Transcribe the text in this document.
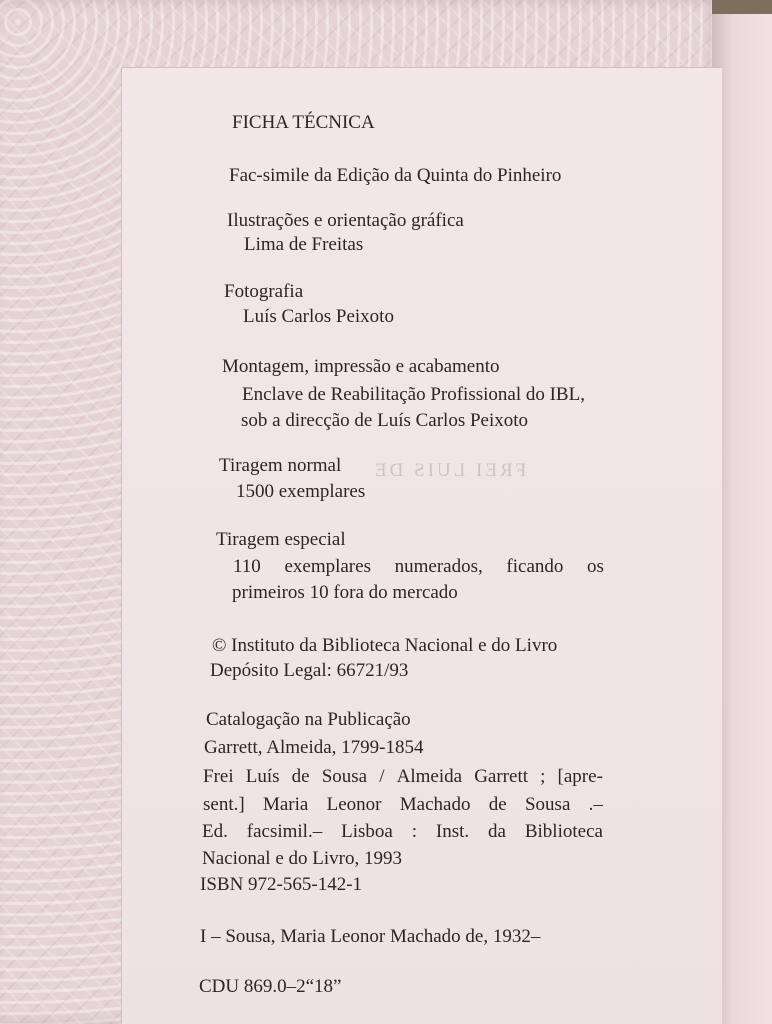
FREI LUIS DE
FICHA TÉCNICA
Fac-simile da Edição da Quinta do Pinheiro
Ilustrações e orientação gráfica
Lima de Freitas
Fotografia
Luís Carlos Peixoto
Montagem, impressão e acabamento
Enclave de Reabilitação Profissional do IBL,
sob a direcção de Luís Carlos Peixoto
Tiragem normal
1500 exemplares
Tiragem especial
110 exemplares numerados, ficando os
primeiros 10 fora do mercado
© Instituto da Biblioteca Nacional e do Livro
Depósito Legal: 66721/93
Catalogação na Publicação
Garrett, Almeida, 1799-1854
Frei Luís de Sousa / Almeida Garrett ; [apre-
sent.] Maria Leonor Machado de Sousa .–
Ed. facsimil.– Lisboa : Inst. da Biblioteca
Nacional e do Livro, 1993
ISBN 972-565-142-1
I – Sousa, Maria Leonor Machado de, 1932–
CDU 869.0–2“18”
